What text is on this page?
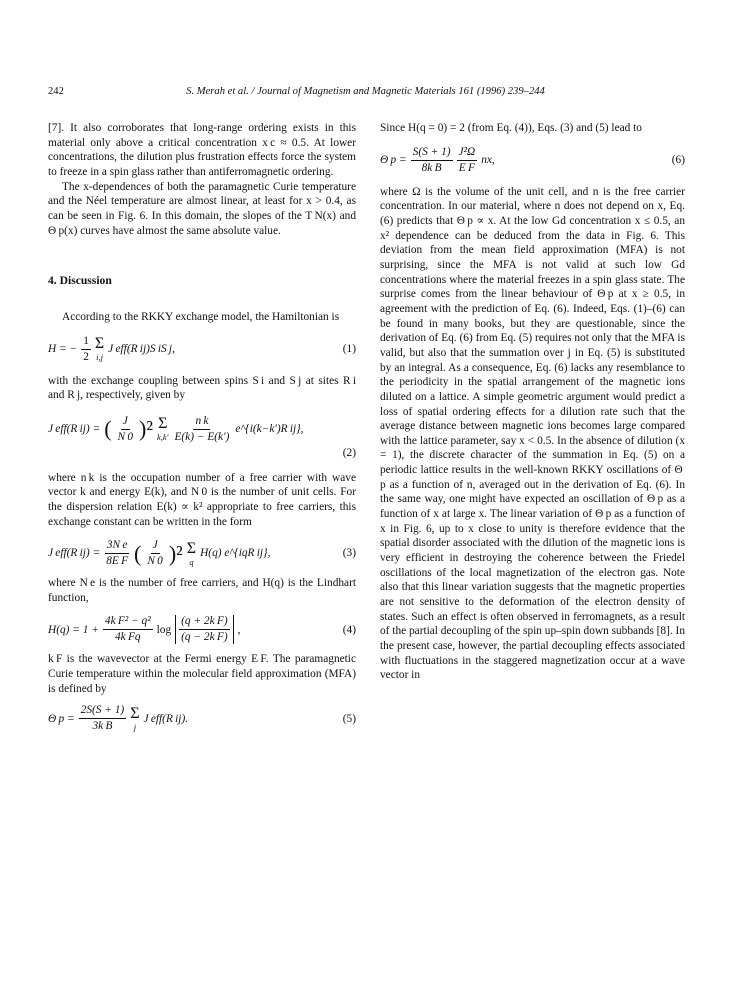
242	S. Merah et al. / Journal of Magnetism and Magnetic Materials 161 (1996) 239–244

[7]. It also corroborates that long-range ordering exists in this material only above a critical concentration x c ≈ 0.5. At lower concentrations, the dilution plus frustration effects force the system to freeze in a spin glass rather than antiferromagnetic ordering.

The x-dependences of both the paramagnetic Curie temperature and the Néel temperature are almost linear, at least for x > 0.4, as can be seen in Fig. 6. In this domain, the slopes of the T N(x) and Θ p(x) curves have almost the same absolute value.

4. Discussion

According to the RKKY exchange model, the Hamiltonian is

H = − $\frac{1}{2}$ Σ
i,j
J eff(R ij)S iS j,	(1)

with the exchange coupling between spins S i and S j at sites R i and R j, respectively, given by

J eff(R ij) = ( $\frac{J}{N 0} )^2$ Σ
$k,k' \frac{\text{n k}}{E(k) - E(k')}$ e^{i(k−k′)R ij},
(2)

where n k is the occupation number of a free carrier with wave vector k and energy E(k), and N 0 is the number of unit cells. For the dispersion relation E(k) ∝ k² appropriate to free carriers, this exchange constant can be written in the form

J eff(R $ij) = \frac{\text{3N e}}{\text{8E F}}$ ( $\frac{J}{N 0} )^2$ Σ
q
H(q) e^{iqR ij},	(3)

where N e is the number of free carriers, and H(q) is the Lindhart function,

$H(q) = 1 + \frac{\text{4k F² − q²}}{\text{4k Fq}}$ $\log \frac{\text{(q + 2k F)}}{\text{(q − 2k F)}}$ ,	(4)

k F is the wavevector at the Fermi energy E F. The paramagnetic Curie temperature within the molecular field approximation (MFA) is defined by

Θ $p = \frac{2S(S + 1)}{\text{3k B}}$ Σ
j
J eff(R ij).	(5)

Since H(q = 0) = 2 (from Eq. (4)), Eqs. (3) and (5) lead to

Θ $p = \frac{S(S + 1)}{\text{8k B}} \frac{\text{J²Ω}}{\text{E F}}$ nx,	(6)

where Ω is the volume of the unit cell, and n is the free carrier concentration. In our material, where n does not depend on x, Eq. (6) predicts that Θ p ∝ x. At the low Gd concentration x ≤ 0.5, an x² dependence can be deduced from the data in Fig. 6. This deviation from the mean field approximation (MFA) is not surprising, since the MFA is not valid at such low Gd concentrations where the material freezes in a spin glass state. The surprise comes from the linear behaviour of Θ p at x ≥ 0.5, in agreement with the prediction of Eq. (6). Indeed, Eqs. (1)–(6) can be found in many books, but they are questionable, since the derivation of Eq. (6) from Eq. (5) requires not only that the MFA is valid, but also that the summation over j in Eq. (5) is substituted by an integral. As a consequence, Eq. (6) lacks any resemblance to the periodicity in the spatial arrangement of the magnetic ions diluted on a lattice. A simple geometric argument would predict a loss of spatial ordering effects for a dilution rate such that the average distance between magnetic ions becomes large compared with the lattice parameter, say x < 0.5. In the absence of dilution (x = 1), the discrete character of the summation in Eq. (5) on a periodic lattice results in the well-known RKKY oscillations of Θ p as a function of n, averaged out in the derivation of Eq. (6). In the same way, one might have expected an oscillation of Θ p as a function of x at large x. The linear variation of Θ p as a function of x in Fig. 6, up to x close to unity is therefore evidence that the spatial disorder associated with the dilution of the magnetic ions is very efficient in destroying the coherence between the Friedel oscillations of the local magnetization of the electron gas. Note also that this linear variation suggests that the magnetic properties are not sensitive to the deformation of the electron density of states. Such an effect is often observed in ferromagnets, as a result of the partial decoupling of the spin up–spin down subbands [8]. In the present case, however, the partial decoupling effects associated with fluctuations in the staggered magnetization occur at a wave vector in
